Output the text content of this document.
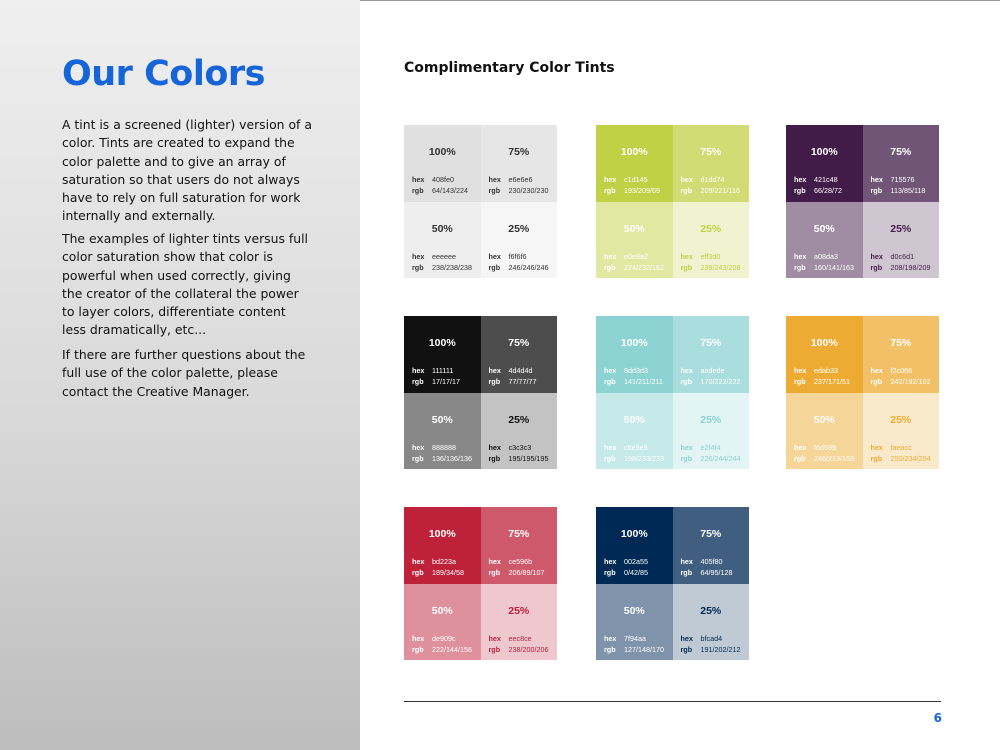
Our Colors

A tint is a screened (lighter) version of a color. Tints are created to expand the color palette and to give an array of saturation so that users do not always have to rely on full saturation for work internally and externally.

The examples of lighter tints versus full color saturation show that color is powerful when used correctly, giving the creator of the collateral the power to layer colors, differentiate content less dramatically, etc...

If there are further questions about the full use of the color palette, please contact the Creative Manager.

Complimentary Color Tints
100%
hex 408fe0
rgb 64/143/224
75%
hex e6e6e6
rgb 230/230/230
50%
hex eeeeee
rgb 238/238/238
25%
hex f6f6f6
rgb 246/246/246
100%
hex c1d145
rgb 193/209/69
75%
hex d1dd74
rgb 209/221/116
50%
hex e0e8a2
rgb 224/232/162
25%
hex eff3d0
rgb 239/243/208
100%
hex 421c48
rgb 66/28/72
75%
hex 715576
rgb 113/85/118
50%
hex a08da3
rgb 160/141/163
25%
hex d0c6d1
rgb 208/198/209
100%
hex 111111
rgb 17/17/17
75%
hex 4d4d4d
rgb 77/77/77
50%
hex 888888
rgb 136/136/136
25%
hex c3c3c3
rgb 195/195/195
100%
hex 8dd3d3
rgb 141/211/211
75%
hex aadede
rgb 170/222/222
50%
hex c6e9e9
rgb 198/233/233
25%
hex e2f4f4
rgb 226/244/244
100%
hex edab33
rgb 237/171/51
75%
hex f2c066
rgb 242/192/102
50%
hex f6d599
rgb 246/213/153
25%
hex faeacc
rgb 250/234/204
100%
hex bd223a
rgb 189/34/58
75%
hex ce596b
rgb 206/89/107
50%
hex de909c
rgb 222/144/156
25%
hex eec8ce
rgb 238/200/206
100%
hex 002a55
rgb 0/42/85
75%
hex 405f80
rgb 64/95/128
50%
hex 7f94aa
rgb 127/148/170
25%
hex bfcad4
rgb 191/202/212
6
